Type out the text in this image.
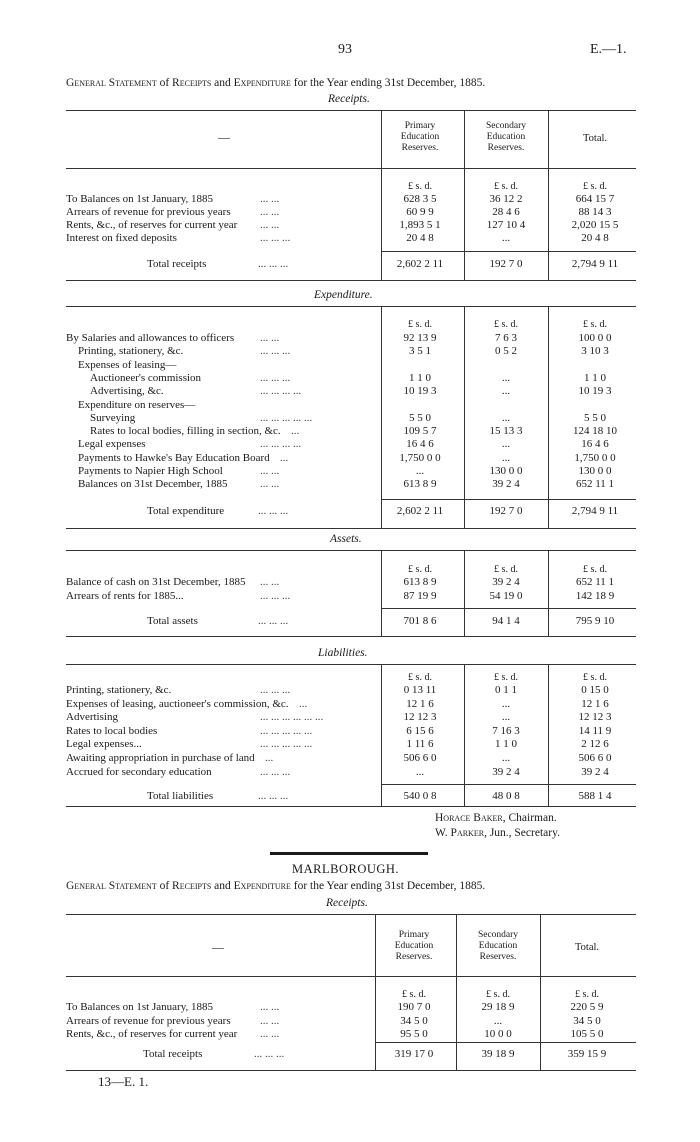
93	E.—1.
General Statement of Receipts and Expenditure for the Year ending 31st December, 1885.
Receipts.
—
Primary
Education
Reserves.
Secondary
Education
Reserves.
Total.
£ s. d.	£ s. d.	£ s. d.
To Balances on 1st January, 1885	... ...	628 3 5	36 12 2	664 15 7
Arrears of revenue for previous years	... ...	60 9 9	28 4 6	88 14 3
Rents, &c., of reserves for current year ... ...	1,893 5 1	127 10 4	2,020 15 5
Interest on fixed deposits	... ... ...	20 4 8	...	20 4 8
Total receipts	... ... ...	2,602 2 11	192 7 0	2,794 9 11
Expenditure.
£ s. d.	£ s. d.	£ s. d.
By Salaries and allowances to officers ... ...	92 13 9	7 6 3	100 0 0
Printing, stationery, &c.	... ... ...	3 5 1	0 5 2	3 10 3
Expenses of leasing—
Auctioneer's commission	... ... ...	1 1 0	...	1 1 0
Advertising, &c.	... ... ... ...	10 19 3	...	10 19 3
Expenditure on reserves—
Surveying	... ... ... ... ...	5 5 0	...	5 5 0
Rates to local bodies, filling in section, &c. ...	109 5 7	15 13 3	124 18 10
Legal expenses	... ... ... ...	16 4 6	...	16 4 6
Payments to Hawke's Bay Education Board ...	1,750 0 0	...	1,750 0 0
Payments to Napier High School	... ...	...	130 0 0	130 0 0
Balances on 31st December, 1885	... ...	613 8 9	39 2 4	652 11 1
Total expenditure	... ... ...	2,602 2 11	192 7 0	2,794 9 11
Assets.
£ s. d.	£ s. d.	£ s. d.
Balance of cash on 31st December, 1885 ... ...	613 8 9	39 2 4	652 11 1
Arrears of rents for 1885...	... ... ...	87 19 9	54 19 0	142 18 9
Total assets	... ... ...	701 8 6	94 1 4	795 9 10
Liabilities.
£ s. d.	£ s. d.	£ s. d.
Printing, stationery, &c.	... ... ...	0 13 11	0 1 1	0 15 0
Expenses of leasing, auctioneer's commission, &c. ...	12 1 6	...	12 1 6
Advertising	... ... ... ... ... ...	12 12 3	...	12 12 3
Rates to local bodies	... ... ... ... ...	6 15 6	7 16 3	14 11 9
Legal expenses...	... ... ... ... ...	1 11 6	1 1 0	2 12 6
Awaiting appropriation in purchase of land ...	506 6 0	...	506 6 0
Accrued for secondary education	... ... ...	...	39 2 4	39 2 4
Total liabilities	... ... ...	540 0 8	48 0 8	588 1 4
Horace Baker, Chairman.
W. Parker, Jun., Secretary.
MARLBOROUGH.
General Statement of Receipts and Expenditure for the Year ending 31st December, 1885.
Receipts.
—
Primary
Education
Reserves.
Secondary
Education
Reserves.
Total.
£ s. d.	£ s. d.	£ s. d.
To Balances on 1st January, 1885	... ...	190 7 0	29 18 9	220 5 9
Arrears of revenue for previous years	... ...	34 5 0	...	34 5 0
Rents, &c., of reserves for current year ... ...	95 5 0	10 0 0	105 5 0
Total receipts	... ... ...	319 17 0	39 18 9	359 15 9
13—E. 1.
